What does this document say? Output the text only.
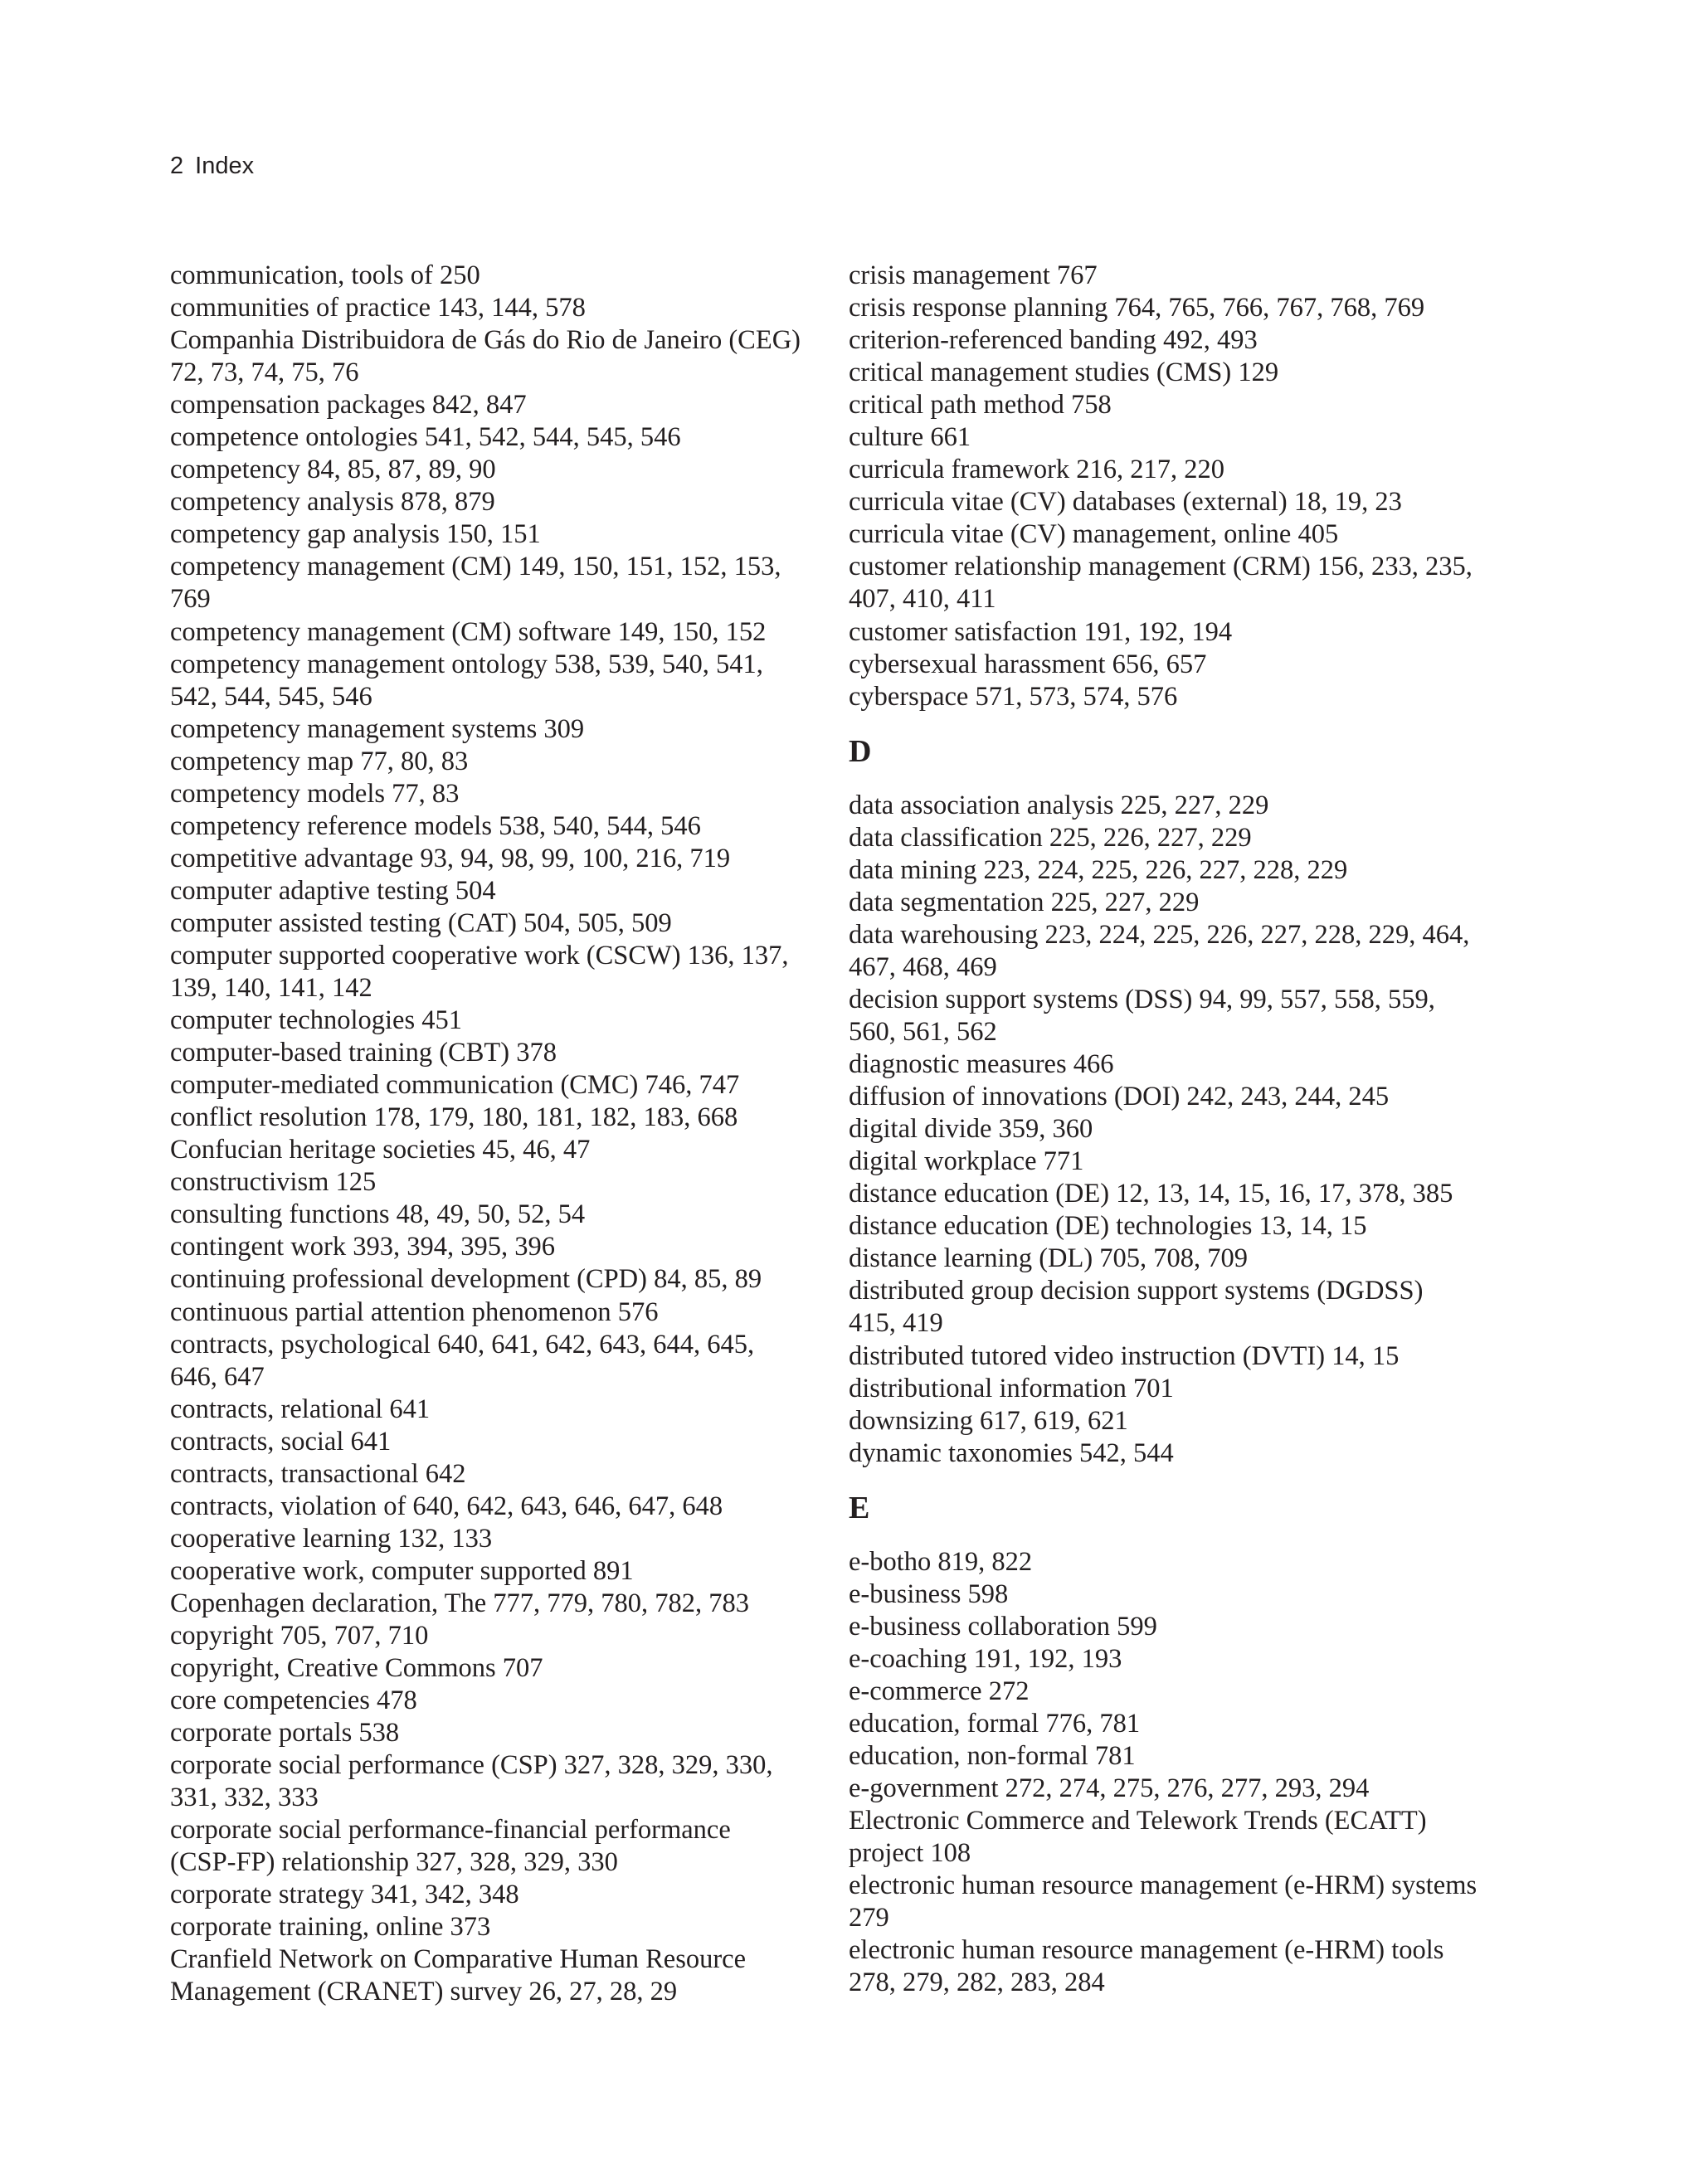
2 Index

communication, tools of 250

communities of practice 143, 144, 578

Companhia Distribuidora de Gás do Rio de Janeiro (CEG)
72, 73, 74, 75, 76

compensation packages 842, 847

competence ontologies 541, 542, 544, 545, 546

competency 84, 85, 87, 89, 90

competency analysis 878, 879

competency gap analysis 150, 151

competency management (CM) 149, 150, 151, 152, 153,
769

competency management (CM) software 149, 150, 152

competency management ontology 538, 539, 540, 541,
542, 544, 545, 546

competency management systems 309

competency map 77, 80, 83

competency models 77, 83

competency reference models 538, 540, 544, 546

competitive advantage 93, 94, 98, 99, 100, 216, 719

computer adaptive testing 504

computer assisted testing (CAT) 504, 505, 509

computer supported cooperative work (CSCW) 136, 137,
139, 140, 141, 142

computer technologies 451

computer-based training (CBT) 378

computer-mediated communication (CMC) 746, 747

conflict resolution 178, 179, 180, 181, 182, 183, 668

Confucian heritage societies 45, 46, 47

constructivism 125

consulting functions 48, 49, 50, 52, 54

contingent work 393, 394, 395, 396

continuing professional development (CPD) 84, 85, 89

continuous partial attention phenomenon 576

contracts, psychological 640, 641, 642, 643, 644, 645,
646, 647

contracts, relational 641

contracts, social 641

contracts, transactional 642

contracts, violation of 640, 642, 643, 646, 647, 648

cooperative learning 132, 133

cooperative work, computer supported 891

Copenhagen declaration, The 777, 779, 780, 782, 783

copyright 705, 707, 710

copyright, Creative Commons 707

core competencies 478

corporate portals 538

corporate social performance (CSP) 327, 328, 329, 330,
331, 332, 333

corporate social performance-financial performance
(CSP-FP) relationship 327, 328, 329, 330

corporate strategy 341, 342, 348

corporate training, online 373

Cranfield Network on Comparative Human Resource
Management (CRANET) survey 26, 27, 28, 29

crisis management 767

crisis response planning 764, 765, 766, 767, 768, 769

criterion-referenced banding 492, 493

critical management studies (CMS) 129

critical path method 758

culture 661

curricula framework 216, 217, 220

curricula vitae (CV) databases (external) 18, 19, 23

curricula vitae (CV) management, online 405

customer relationship management (CRM) 156, 233, 235,
407, 410, 411

customer satisfaction 191, 192, 194

cybersexual harassment 656, 657

cyberspace 571, 573, 574, 576

D

data association analysis 225, 227, 229

data classification 225, 226, 227, 229

data mining 223, 224, 225, 226, 227, 228, 229

data segmentation 225, 227, 229

data warehousing 223, 224, 225, 226, 227, 228, 229, 464,
467, 468, 469

decision support systems (DSS) 94, 99, 557, 558, 559,
560, 561, 562

diagnostic measures 466

diffusion of innovations (DOI) 242, 243, 244, 245

digital divide 359, 360

digital workplace 771

distance education (DE) 12, 13, 14, 15, 16, 17, 378, 385

distance education (DE) technologies 13, 14, 15

distance learning (DL) 705, 708, 709

distributed group decision support systems (DGDSS)
415, 419

distributed tutored video instruction (DVTI) 14, 15

distributional information 701

downsizing 617, 619, 621

dynamic taxonomies 542, 544

E

e-botho 819, 822

e-business 598

e-business collaboration 599

e-coaching 191, 192, 193

e-commerce 272

education, formal 776, 781

education, non-formal 781

e-government 272, 274, 275, 276, 277, 293, 294

Electronic Commerce and Telework Trends (ECATT)
project 108

electronic human resource management (e-HRM) systems
279

electronic human resource management (e-HRM) tools
278, 279, 282, 283, 284
